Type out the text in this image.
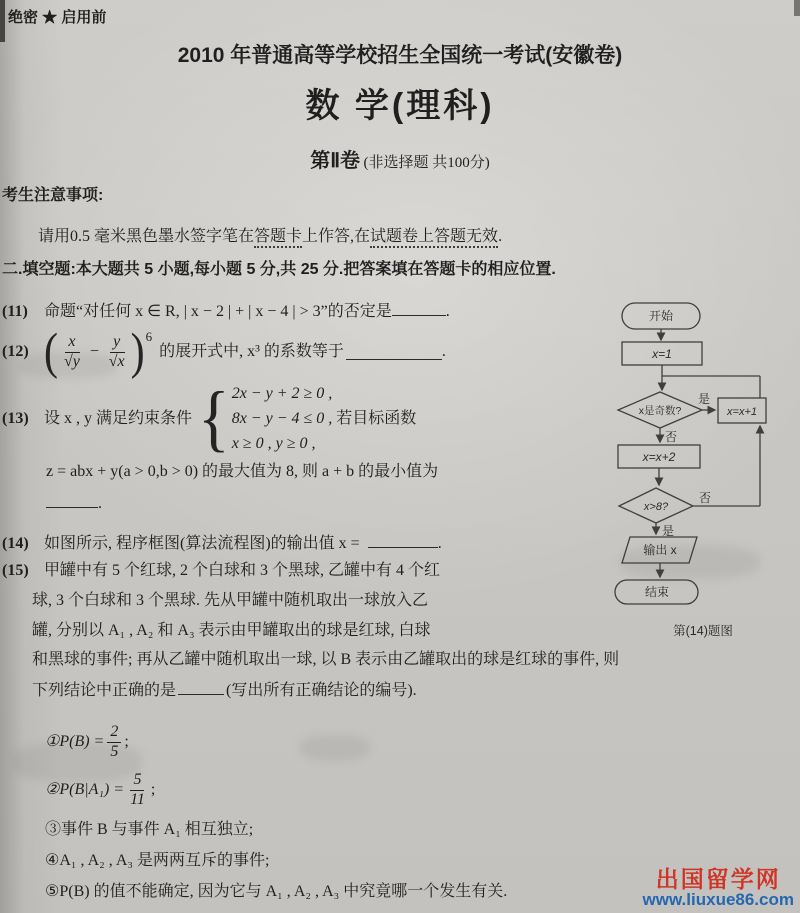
绝密 ★ 启用前
2010 年普通高等学校招生全国统一考试(安徽卷)
数 学(理科)
第Ⅱ卷 (非选择题 共100分)
考生注意事项:
请用0.5 毫米黑色墨水签字笔在答题卡上作答,在试题卷上答题无效.
二.填空题:本大题共 5 小题,每小题 5 分,共 25 分.把答案填在答题卡的相应位置.
(11) 命题“对任何 x ∈ R, | x − 2 | + | x − 4 | > 3”的否定是	.
(12) ( $\frac{x}{√y} - \frac{y}{√x} )^6$
的展开式中, x³ 的系数等于	.
(13) 设 x , y 满足约束条件 { 2x − y + 2 ≥ 0 ,
8x − y − 4 ≤ 0 ,
x ≥ 0 , y ≥ 0 ,
若目标函数
z = abx + y(a > 0,b > 0) 的最大值为 8, 则 a + b 的最小值为
.
(14) 如图所示, 程序框图(算法流程图)的输出值 x =	.
(15) 甲罐中有 5 个红球, 2 个白球和 3 个黑球, 乙罐中有 4 个红
球, 3 个白球和 3 个黑球. 先从甲罐中随机取出一球放入乙
罐, 分别以 A₁ , A₂ 和 A₃ 表示由甲罐取出的球是红球, 白球
和黑球的事件; 再从乙罐中随机取出一球, 以 B 表示由乙罐取出的球是红球的事件, 则
下列结论中正确的是	(写出所有正确结论的编号).
①P(B) = $\frac{2}{5}$ ;
②P(B|A₁) = $\frac{5}{11}$ ;
③事件 B 与事件 A₁ 相互独立;
④A₁ , A₂ , A₃ 是两两互斥的事件;
⑤P(B) 的值不能确定, 因为它与 A₁ , A₂ , A₃ 中究竟哪一个发生有关.
开始
x=1
x是奇数?
是
x=x+1
否
x=x+2
x>8?
否
是
输出 x
结束
第(14)题图
出国留学网
www.liuxue86.com
